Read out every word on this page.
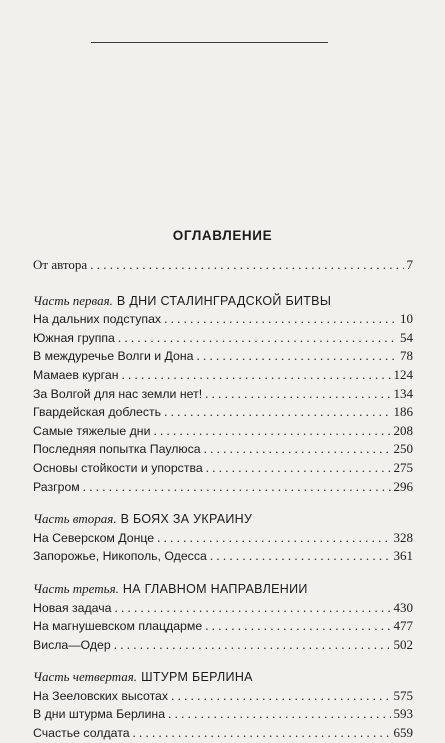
ОГЛАВЛЕНИЕ
От автора . . .	7
Часть первая. В ДНИ СТАЛИНГРАДСКОЙ БИТВЫ
На дальних подступах . . .	10
Южная группа . . .	54
В междуречье Волги и Дона . . .	78
Мамаев курган . . .	124
За Волгой для нас земли нет! . . .	134
Гвардейская доблесть . . .	186
Самые тяжелые дни . . .	208
Последняя попытка Паулюса . . .	250
Основы стойкости и упорства . . .	275
Разгром . . .	296
Часть вторая. В БОЯХ ЗА УКРАИНУ
На Северском Донце . . .	328
Запорожье, Никополь, Одесса . . .	361
Часть третья. НА ГЛАВНОМ НАПРАВЛЕНИИ
Новая задача . . .	430
На магнушевском плацдарме . . .	477
Висла—Одер . . .	502
Часть четвертая. ШТУРМ БЕРЛИНА
На Зееловских высотах . . .	575
В дни штурма Берлина . . .	593
Счастье солдата . . .	659
